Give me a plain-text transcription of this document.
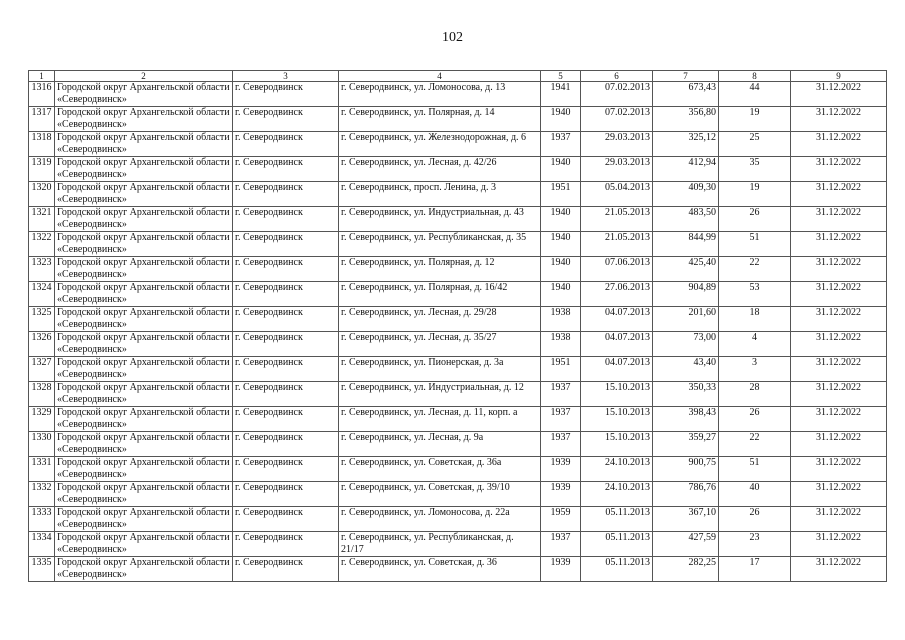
102
1	2	3	4	5	6	7	8	9
1316	Городской округ Архангельской области «Северодвинск»	г. Северодвинск	г. Северодвинск, ул. Ломоносова, д. 13	1941	07.02.2013	673,43	44	31.12.2022
1317	Городской округ Архангельской области «Северодвинск»	г. Северодвинск	г. Северодвинск, ул. Полярная, д. 14	1940	07.02.2013	356,80	19	31.12.2022
1318	Городской округ Архангельской области «Северодвинск»	г. Северодвинск	г. Северодвинск, ул. Железнодорожная, д. 6	1937	29.03.2013	325,12	25	31.12.2022
1319	Городской округ Архангельской области «Северодвинск»	г. Северодвинск	г. Северодвинск, ул. Лесная, д. 42/26	1940	29.03.2013	412,94	35	31.12.2022
1320	Городской округ Архангельской области «Северодвинск»	г. Северодвинск	г. Северодвинск, просп. Ленина, д. 3	1951	05.04.2013	409,30	19	31.12.2022
1321	Городской округ Архангельской области «Северодвинск»	г. Северодвинск	г. Северодвинск, ул. Индустриальная, д. 43	1940	21.05.2013	483,50	26	31.12.2022
1322	Городской округ Архангельской области «Северодвинск»	г. Северодвинск	г. Северодвинск, ул. Республиканская, д. 35	1940	21.05.2013	844,99	51	31.12.2022
1323	Городской округ Архангельской области «Северодвинск»	г. Северодвинск	г. Северодвинск, ул. Полярная, д. 12	1940	07.06.2013	425,40	22	31.12.2022
1324	Городской округ Архангельской области «Северодвинск»	г. Северодвинск	г. Северодвинск, ул. Полярная, д. 16/42	1940	27.06.2013	904,89	53	31.12.2022
1325	Городской округ Архангельской области «Северодвинск»	г. Северодвинск	г. Северодвинск, ул. Лесная, д. 29/28	1938	04.07.2013	201,60	18	31.12.2022
1326	Городской округ Архангельской области «Северодвинск»	г. Северодвинск	г. Северодвинск, ул. Лесная, д. 35/27	1938	04.07.2013	73,00	4	31.12.2022
1327	Городской округ Архангельской области «Северодвинск»	г. Северодвинск	г. Северодвинск, ул. Пионерская, д. 3а	1951	04.07.2013	43,40	3	31.12.2022
1328	Городской округ Архангельской области «Северодвинск»	г. Северодвинск	г. Северодвинск, ул. Индустриальная, д. 12	1937	15.10.2013	350,33	28	31.12.2022
1329	Городской округ Архангельской области «Северодвинск»	г. Северодвинск	г. Северодвинск, ул. Лесная, д. 11, корп. а	1937	15.10.2013	398,43	26	31.12.2022
1330	Городской округ Архангельской области «Северодвинск»	г. Северодвинск	г. Северодвинск, ул. Лесная, д. 9а	1937	15.10.2013	359,27	22	31.12.2022
1331	Городской округ Архангельской области «Северодвинск»	г. Северодвинск	г. Северодвинск, ул. Советская, д. 36а	1939	24.10.2013	900,75	51	31.12.2022
1332	Городской округ Архангельской области «Северодвинск»	г. Северодвинск	г. Северодвинск, ул. Советская, д. 39/10	1939	24.10.2013	786,76	40	31.12.2022
1333	Городской округ Архангельской области «Северодвинск»	г. Северодвинск	г. Северодвинск, ул. Ломоносова, д. 22а	1959	05.11.2013	367,10	26	31.12.2022
1334	Городской округ Архангельской области «Северодвинск»	г. Северодвинск	г. Северодвинск, ул. Республиканская, д. 21/17	1937	05.11.2013	427,59	23	31.12.2022
1335	Городской округ Архангельской области «Северодвинск»	г. Северодвинск	г. Северодвинск, ул. Советская, д. 36	1939	05.11.2013	282,25	17	31.12.2022
